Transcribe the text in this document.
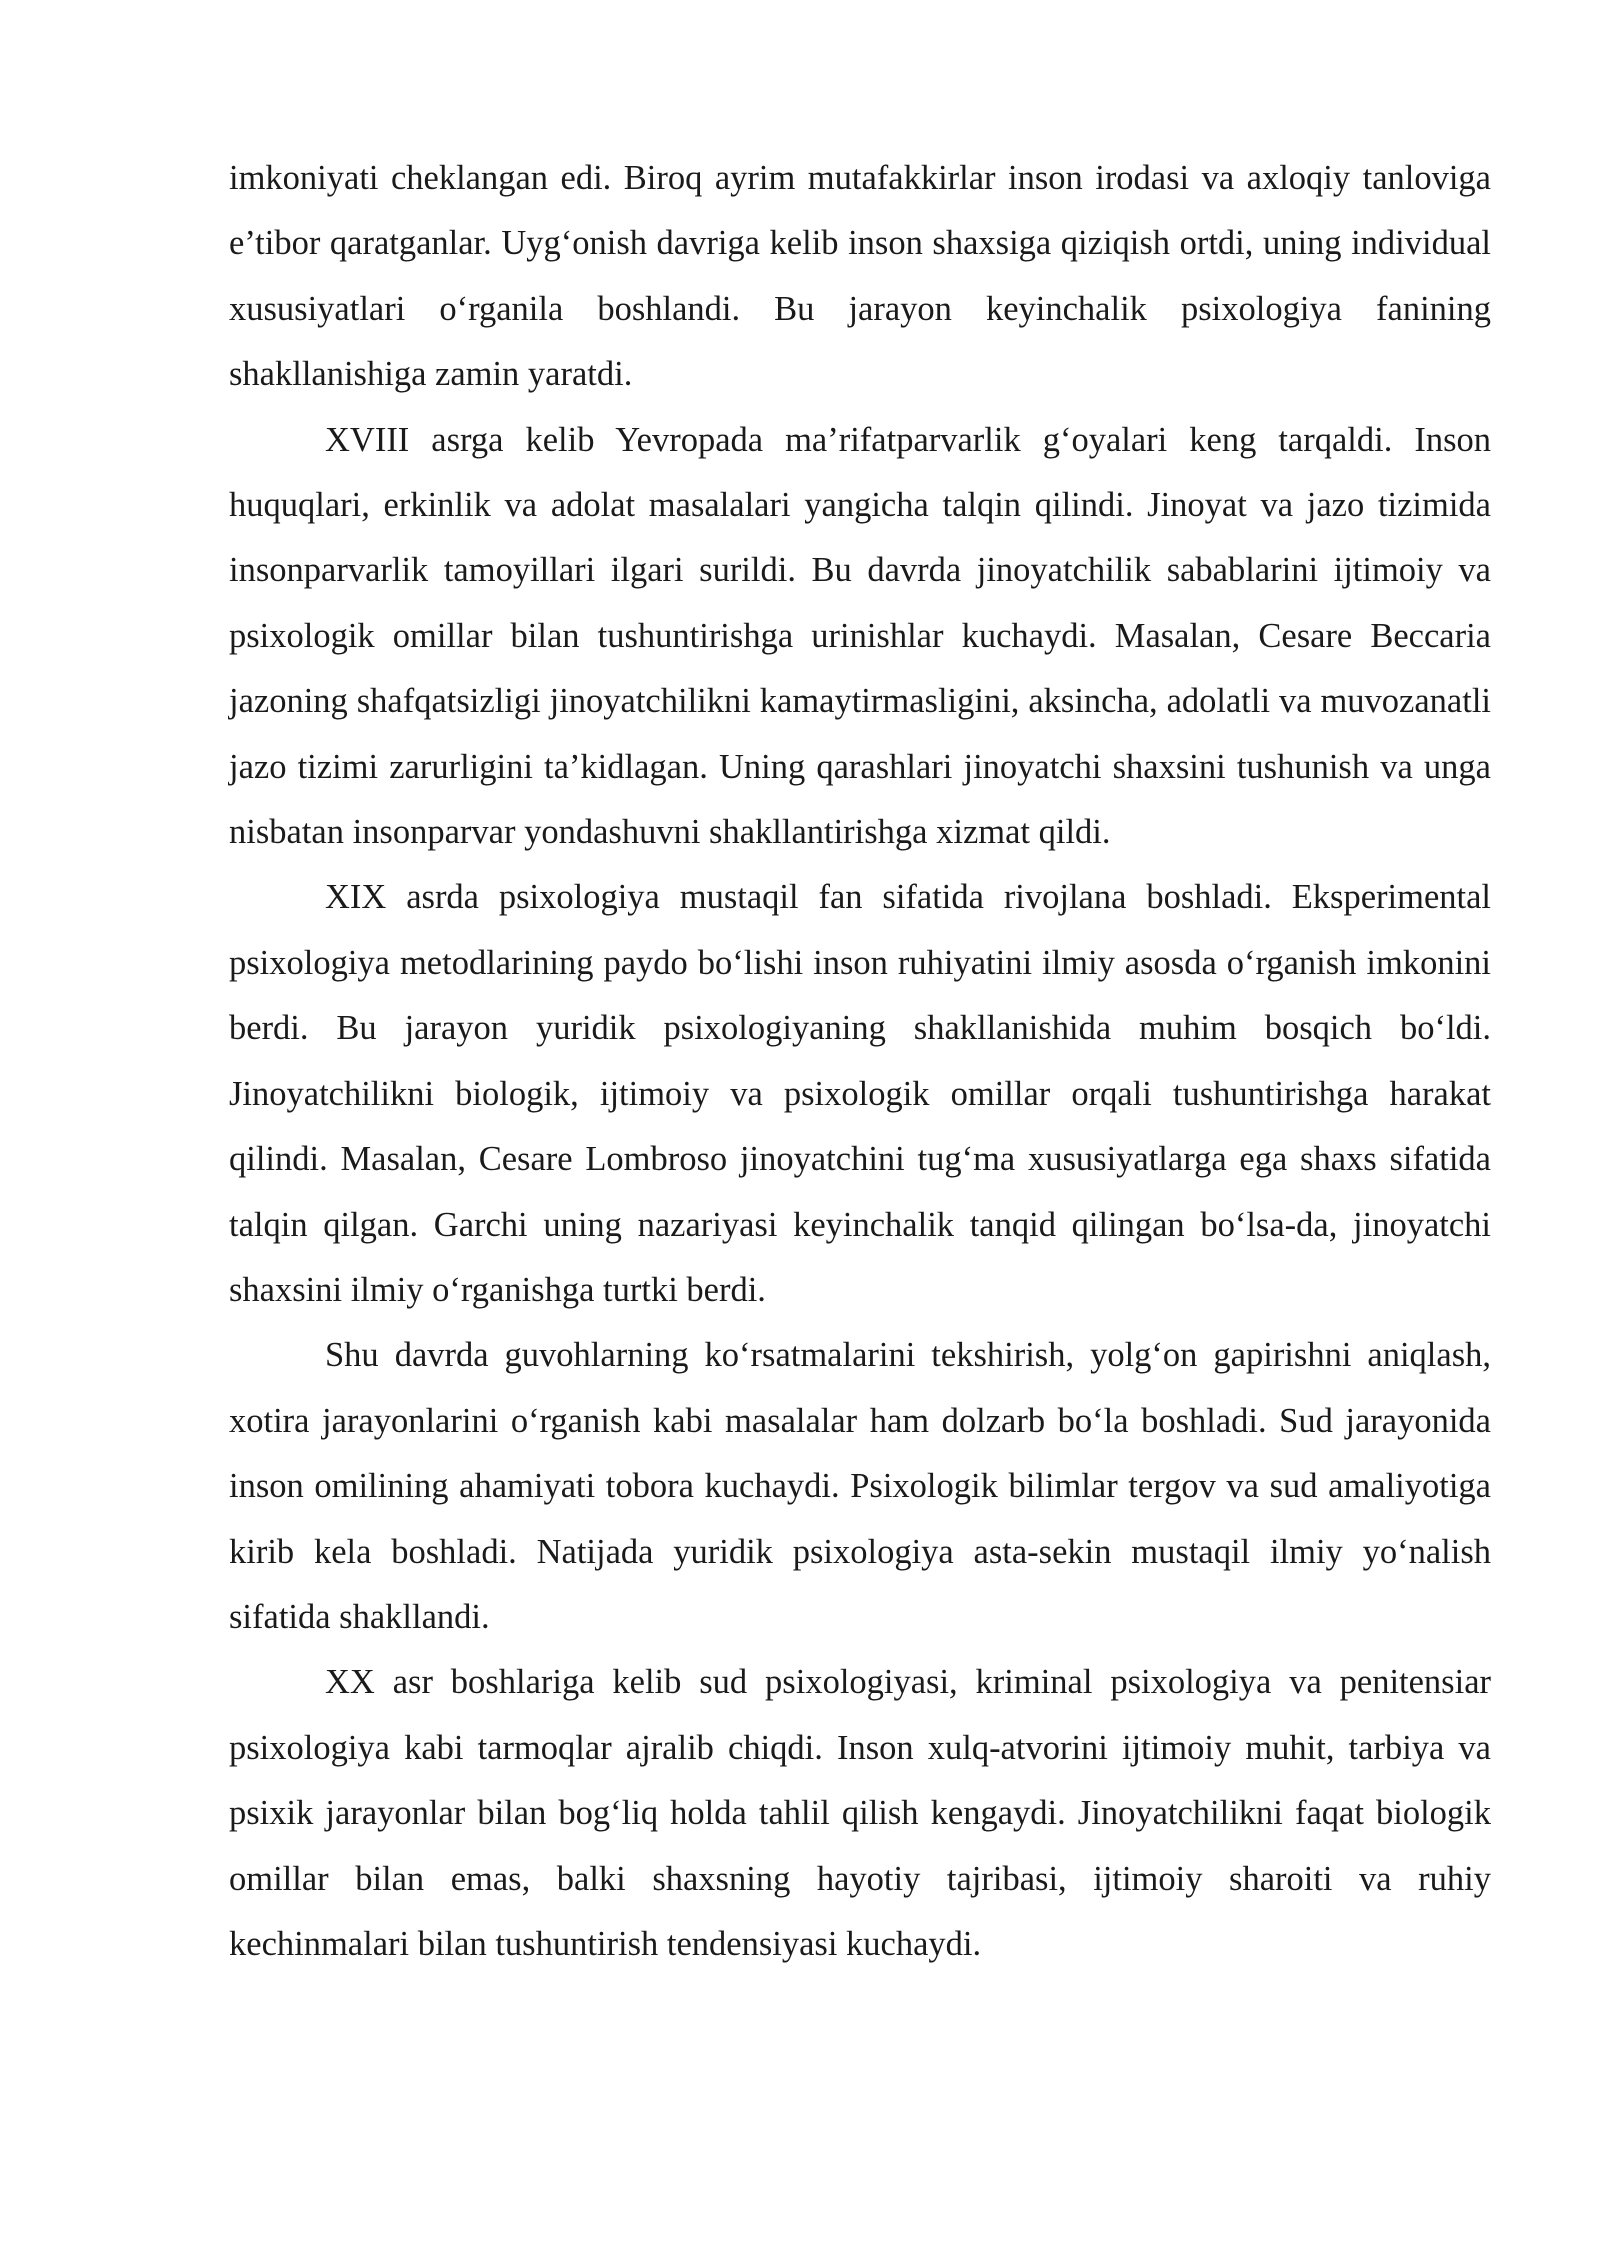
imkoniyati cheklangan edi. Biroq ayrim mutafakkirlar inson irodasi va axloqiy tanloviga e’tibor qaratganlar. Uyg‘onish davriga kelib inson shaxsiga qiziqish ortdi, uning individual xususiyatlari o‘rganila boshlandi. Bu jarayon keyinchalik psixologiya fanining shakllanishiga zamin yaratdi.

XVIII asrga kelib Yevropada ma’rifatparvarlik g‘oyalari keng tarqaldi. Inson huquqlari, erkinlik va adolat masalalari yangicha talqin qilindi. Jinoyat va jazo tizimida insonparvarlik tamoyillari ilgari surildi. Bu davrda jinoyatchilik sabablarini ijtimoiy va psixologik omillar bilan tushuntirishga urinishlar kuchaydi. Masalan, Cesare Beccaria jazoning shafqatsizligi jinoyatchilikni kamaytirmasligini, aksincha, adolatli va muvozanatli jazo tizimi zarurligini ta’kidlagan. Uning qarashlari jinoyatchi shaxsini tushunish va unga nisbatan insonparvar yondashuvni shakllantirishga xizmat qildi.

XIX asrda psixologiya mustaqil fan sifatida rivojlana boshladi. Eksperimental psixologiya metodlarining paydo bo‘lishi inson ruhiyatini ilmiy asosda o‘rganish imkonini berdi. Bu jarayon yuridik psixologiyaning shakllanishida muhim bosqich bo‘ldi. Jinoyatchilikni biologik, ijtimoiy va psixologik omillar orqali tushuntirishga harakat qilindi. Masalan, Cesare Lombroso jinoyatchini tug‘ma xususiyatlarga ega shaxs sifatida talqin qilgan. Garchi uning nazariyasi keyinchalik tanqid qilingan bo‘lsa-da, jinoyatchi shaxsini ilmiy o‘rganishga turtki berdi.

Shu davrda guvohlarning ko‘rsatmalarini tekshirish, yolg‘on gapirishni aniqlash, xotira jarayonlarini o‘rganish kabi masalalar ham dolzarb bo‘la boshladi. Sud jarayonida inson omilining ahamiyati tobora kuchaydi. Psixologik bilimlar tergov va sud amaliyotiga kirib kela boshladi. Natijada yuridik psixologiya asta-sekin mustaqil ilmiy yo‘nalish sifatida shakllandi.

XX asr boshlariga kelib sud psixologiyasi, kriminal psixologiya va penitensiar psixologiya kabi tarmoqlar ajralib chiqdi. Inson xulq-atvorini ijtimoiy muhit, tarbiya va psixik jarayonlar bilan bog‘liq holda tahlil qilish kengaydi. Jinoyatchilikni faqat biologik omillar bilan emas, balki shaxsning hayotiy tajribasi, ijtimoiy sharoiti va ruhiy kechinmalari bilan tushuntirish tendensiyasi kuchaydi.
